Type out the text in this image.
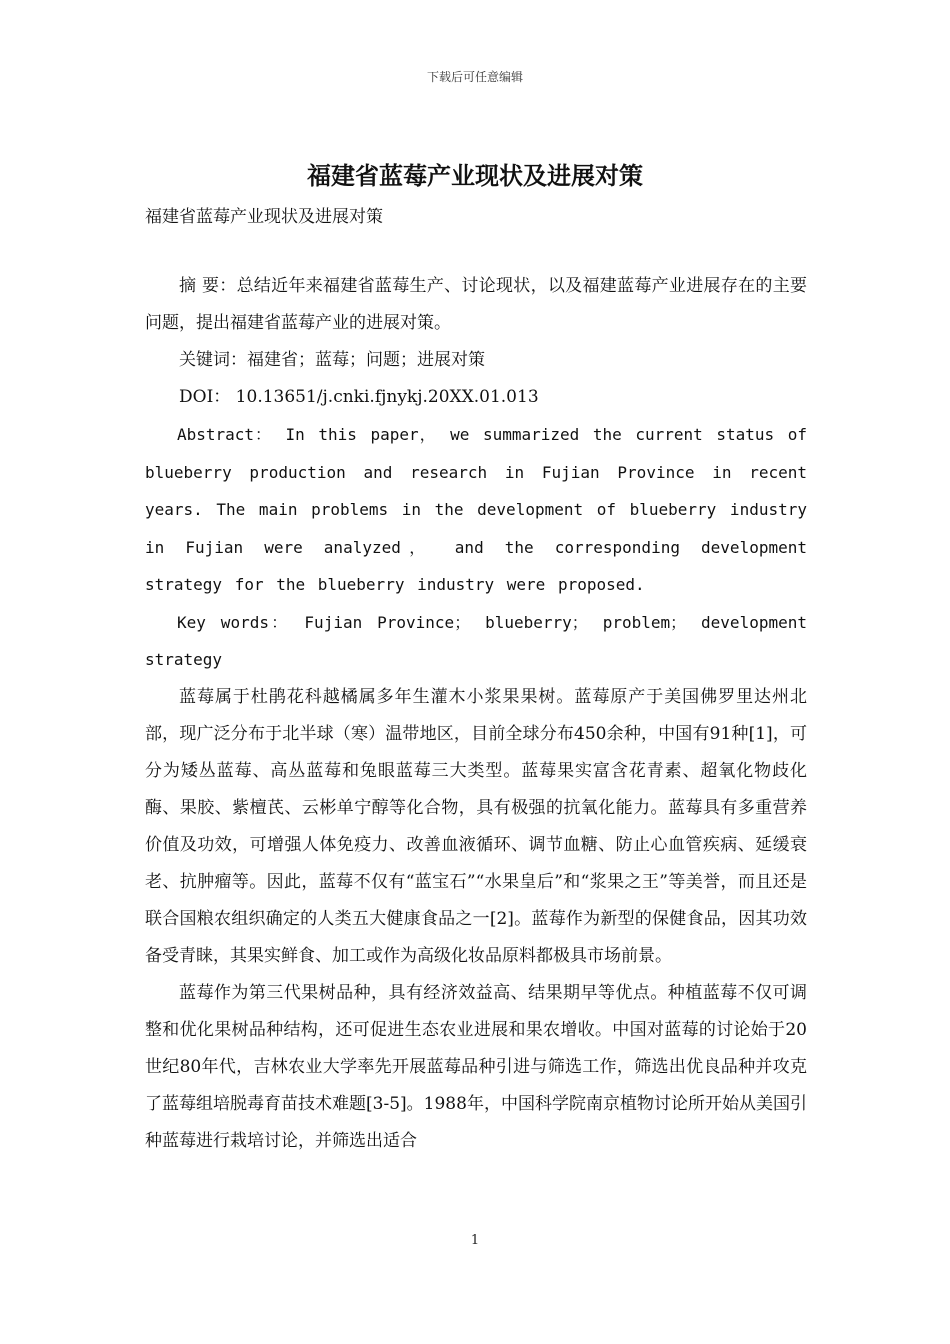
下载后可任意编辑
福建省蓝莓产业现状及进展对策
福建省蓝莓产业现状及进展对策

摘 要：总结近年来福建省蓝莓生产、讨论现状，以及福建蓝莓产业进展存在的主要问题，提出福建省蓝莓产业的进展对策。

关键词：福建省；蓝莓；问题；进展对策

DOI： 10.13651/j.cnki.fjnykj.20XX.01.013

Abstract： In this paper， we summarized the current status of blueberry production and research in Fujian Province in recent years. The main problems in the development of blueberry industry in Fujian were analyzed， and the corresponding development strategy for the blueberry industry were proposed.

Key words： Fujian Province； blueberry； problem； development strategy

蓝莓属于杜鹃花科越橘属多年生灌木小浆果果树。蓝莓原产于美国佛罗里达州北部，现广泛分布于北半球（寒）温带地区，目前全球分布450余种，中国有91种[1]，可分为矮丛蓝莓、高丛蓝莓和兔眼蓝莓三大类型。蓝莓果实富含花青素、超氧化物歧化酶、果胶、紫檀芪、云彬单宁醇等化合物，具有极强的抗氧化能力。蓝莓具有多重营养价值及功效，可增强人体免疫力、改善血液循环、调节血糖、防止心血管疾病、延缓衰老、抗肿瘤等。因此，蓝莓不仅有“蓝宝石”“水果皇后”和“浆果之王”等美誉，而且还是联合国粮农组织确定的人类五大健康食品之一[2]。蓝莓作为新型的保健食品，因其功效备受青睐，其果实鲜食、加工或作为高级化妆品原料都极具市场前景。

蓝莓作为第三代果树品种，具有经济效益高、结果期早等优点。种植蓝莓不仅可调整和优化果树品种结构，还可促进生态农业进展和果农增收。中国对蓝莓的讨论始于20世纪80年代，吉林农业大学率先开展蓝莓品种引进与筛选工作，筛选出优良品种并攻克了蓝莓组培脱毒育苗技术难题[3-5]。1988年，中国科学院南京植物讨论所开始从美国引种蓝莓进行栽培讨论，并筛选出适合

1
